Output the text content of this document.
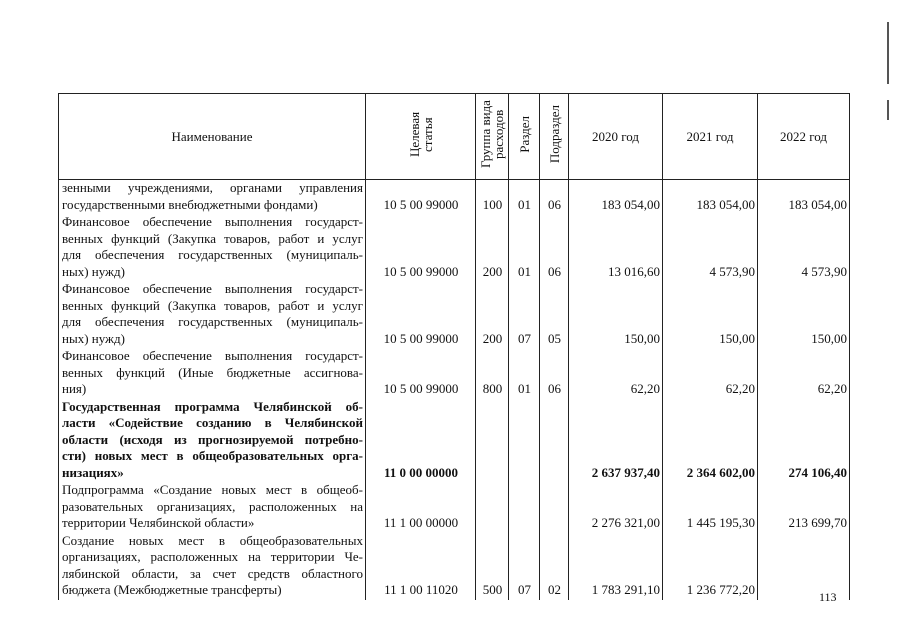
Наименование	Целевая статья	Группа вида расходов	Раздел	Подраздел	2020 год	2021 год	2022 год

зенными учреждениями, органами управления
государственными внебюджетными фондами)	10 5 00 99000	100	01	06	183 054,00	183 054,00	183 054,00

Финансовое обеспечение выполнения государст-
венных функций (Закупка товаров, работ и услуг
для обеспечения государственных (муниципаль-
ных) нужд)	10 5 00 99000	200	01	06	13 016,60	4 573,90	4 573,90

Финансовое обеспечение выполнения государст-
венных функций (Закупка товаров, работ и услуг
для обеспечения государственных (муниципаль-
ных) нужд)	10 5 00 99000	200	07	05	150,00	150,00	150,00

Финансовое обеспечение выполнения государст-
венных функций (Иные бюджетные ассигнова-
ния)	10 5 00 99000	800	01	06	62,20	62,20	62,20

Государственная программа Челябинской об-
ласти «Содействие созданию в Челябинской
области (исходя из прогнозируемой потребно-
сти) новых мест в общеобразовательных орга-
низациях»	11 0 00 00000				2 637 937,40	2 364 602,00	274 106,40

Подпрограмма «Создание новых мест в общеоб-
разовательных организациях, расположенных на
территории Челябинской области»	11 1 00 00000				2 276 321,00	1 445 195,30	213 699,70

Создание новых мест в общеобразовательных
организациях, расположенных на территории Че-
лябинской области, за счет средств областного
бюджета (Межбюджетные трансферты)	11 1 00 11020	500	07	02	1 783 291,10	1 236 772,20		113
